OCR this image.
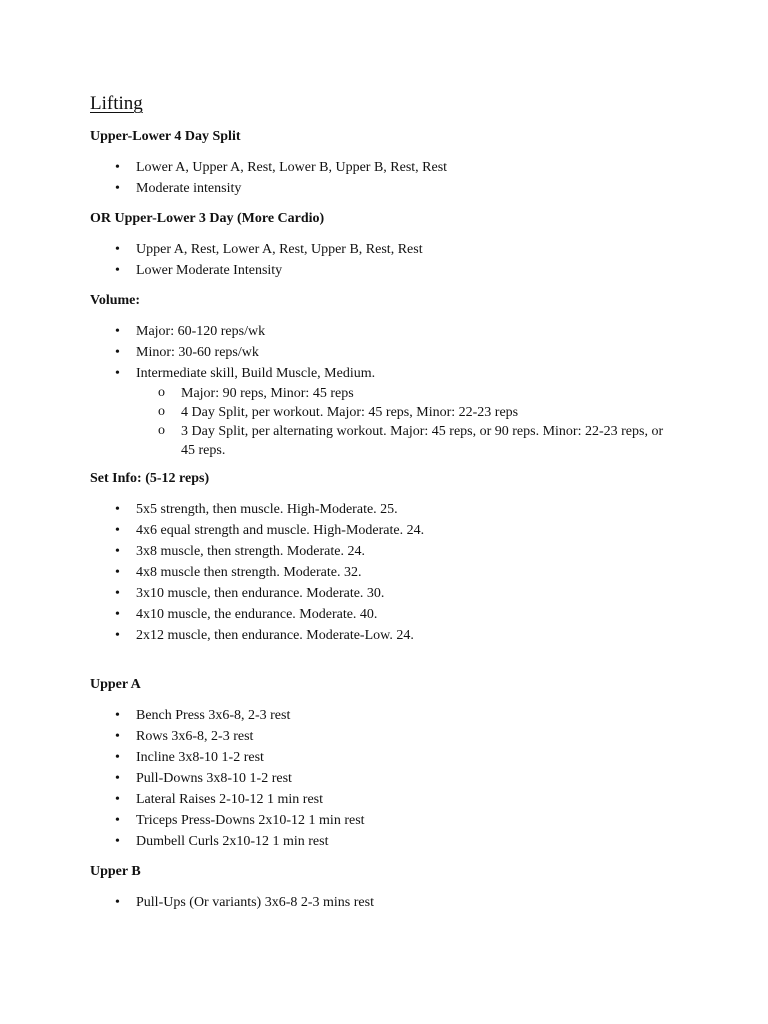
Lifting
Upper-Lower 4 Day Split
• Lower A, Upper A, Rest, Lower B, Upper B, Rest, Rest
• Moderate intensity
OR Upper-Lower 3 Day (More Cardio)
• Upper A, Rest, Lower A, Rest, Upper B, Rest, Rest
• Lower Moderate Intensity
Volume:
• Major: 60-120 reps/wk
• Minor: 30-60 reps/wk
• Intermediate skill, Build Muscle, Medium.
o Major: 90 reps, Minor: 45 reps
o 4 Day Split, per workout. Major: 45 reps, Minor: 22-23 reps
o 3 Day Split, per alternating workout. Major: 45 reps, or 90 reps. Minor: 22-23 reps, or 45 reps.
Set Info: (5-12 reps)
• 5x5 strength, then muscle. High-Moderate. 25.
• 4x6 equal strength and muscle. High-Moderate. 24.
• 3x8 muscle, then strength. Moderate. 24.
• 4x8 muscle then strength. Moderate. 32.
• 3x10 muscle, then endurance. Moderate. 30.
• 4x10 muscle, the endurance. Moderate. 40.
• 2x12 muscle, then endurance. Moderate-Low. 24.
Upper A
• Bench Press 3x6-8, 2-3 rest
• Rows 3x6-8, 2-3 rest
• Incline 3x8-10 1-2 rest
• Pull-Downs 3x8-10 1-2 rest
• Lateral Raises 2-10-12 1 min rest
• Triceps Press-Downs 2x10-12 1 min rest
• Dumbell Curls 2x10-12 1 min rest
Upper B
• Pull-Ups (Or variants) 3x6-8 2-3 mins rest
